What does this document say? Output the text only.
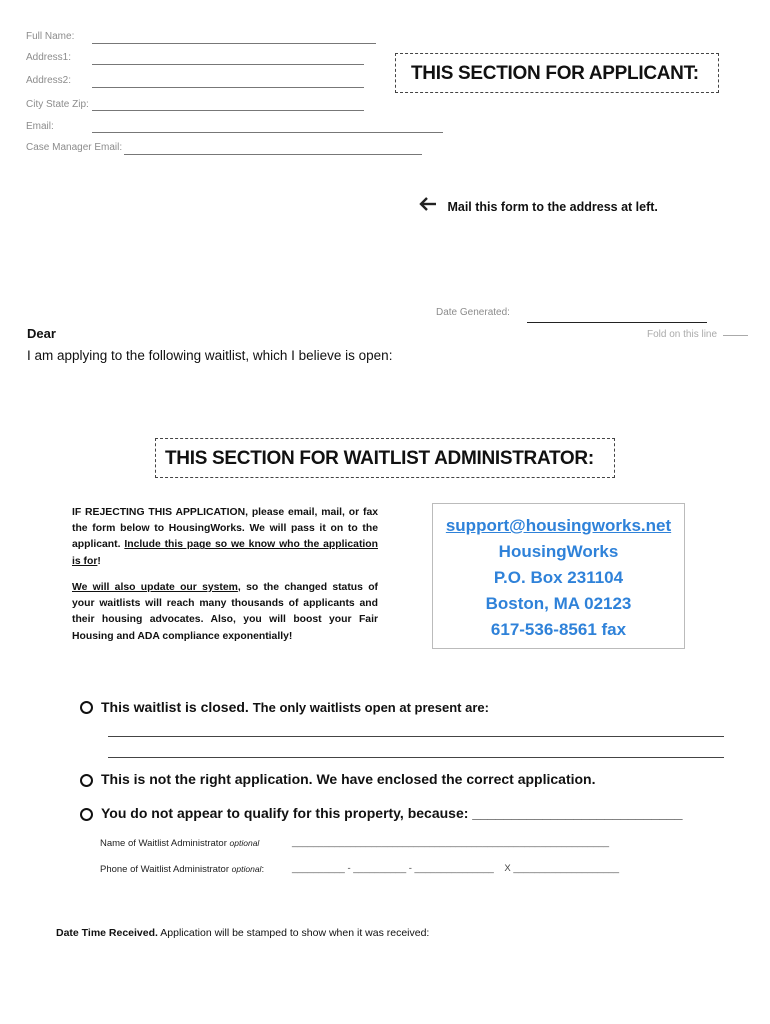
Full Name:
Address1:
Address2:
City State Zip:
Email:
Case Manager Email:
THIS SECTION FOR APPLICANT:
Mail this form to the address at left.
Date Generated:
Fold on this line
Dear
I am applying to the following waitlist, which I believe is open:
THIS SECTION FOR WAITLIST ADMINISTRATOR:
IF REJECTING THIS APPLICATION, please email, mail, or fax the form below to HousingWorks. We will pass it on to the applicant. Include this page so we know who the application is for!
We will also update our system, so the changed status of your waitlists will reach many thousands of applicants and their housing advocates. Also, you will boost your Fair Housing and ADA compliance exponentially!
support@housingworks.net
HousingWorks
P.O. Box 231104
Boston, MA 02123
617-536-8561 fax
This waitlist is closed. The only waitlists open at present are:
This is not the right application. We have enclosed the correct application.
You do not appear to qualify for this property, because: ___________________________
Name of Waitlist Administrator optional	____________________________________________________________
Phone of Waitlist Administrator optional:	__________ - __________ - _______________    X ____________________
Date Time Received. Application will be stamped to show when it was received:
